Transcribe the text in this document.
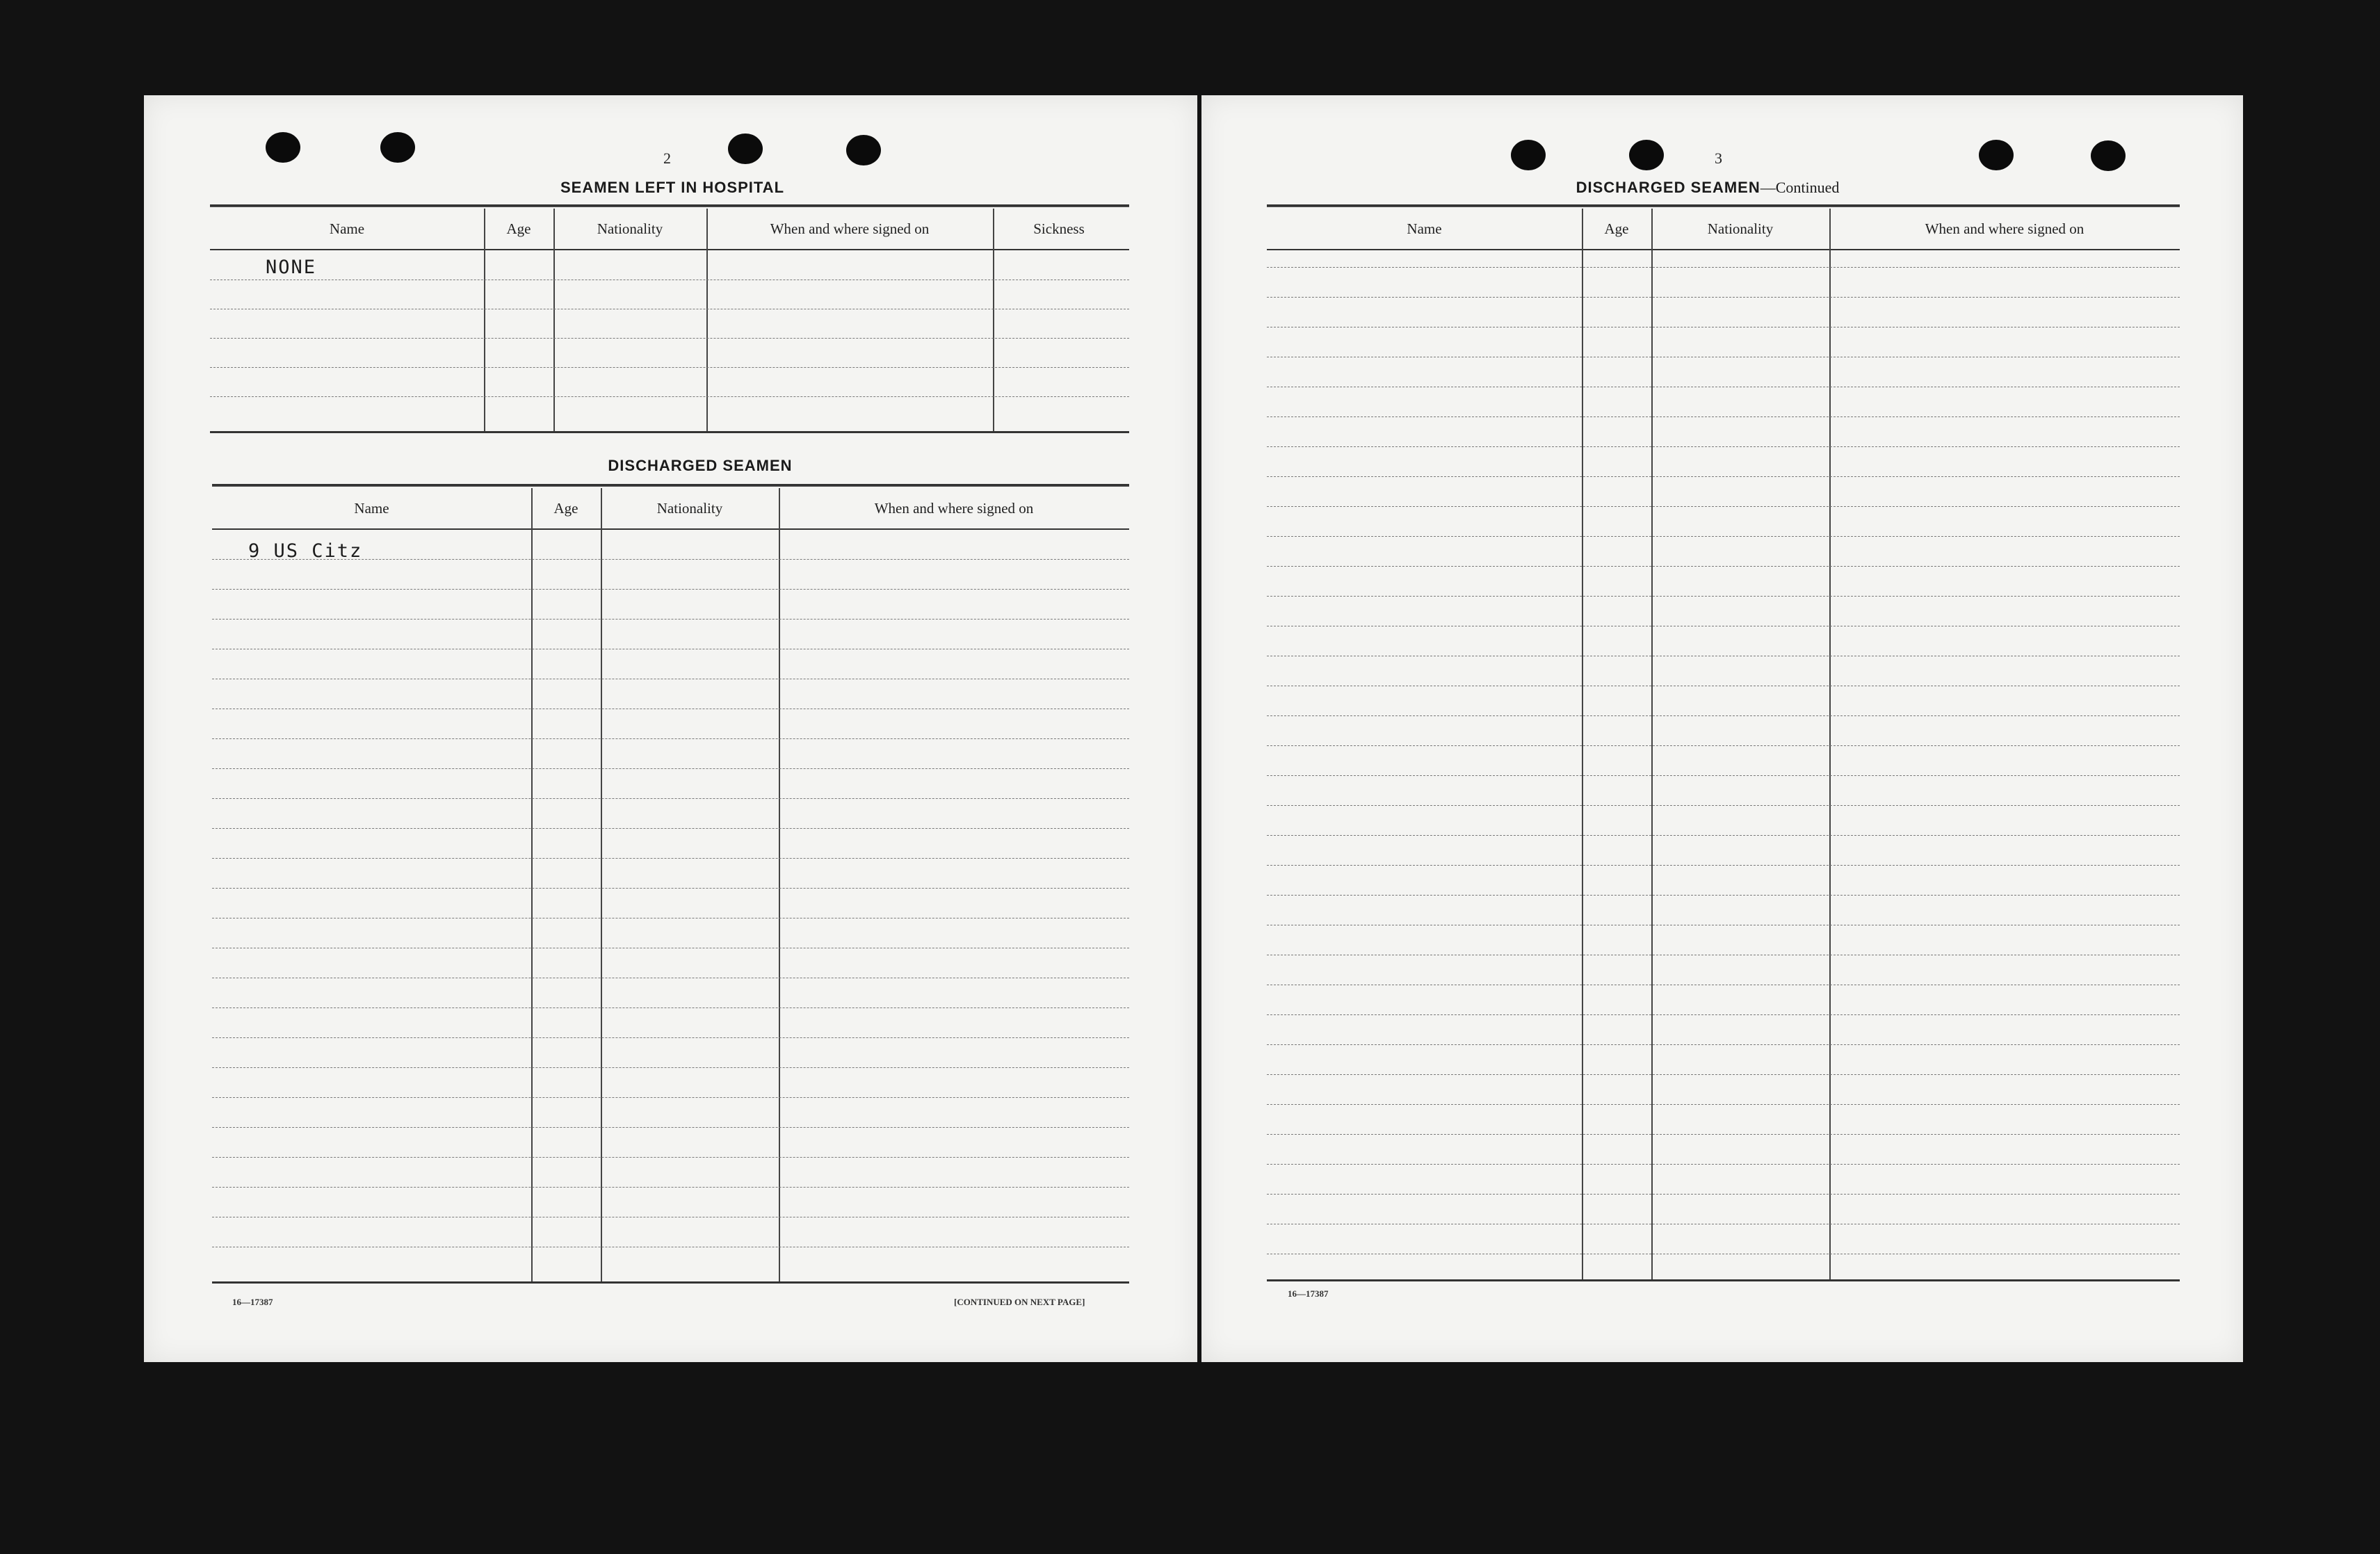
2
SEAMEN LEFT IN HOSPITAL
Name	Age	Nationality	When and where signed on	Sickness
NONE
DISCHARGED SEAMEN
Name	Age	Nationality	When and where signed on
9 US Citz
16—17387	[CONTINUED ON NEXT PAGE]
3
DISCHARGED SEAMEN—Continued
Name	Age	Nationality	When and where signed on
16—17387
